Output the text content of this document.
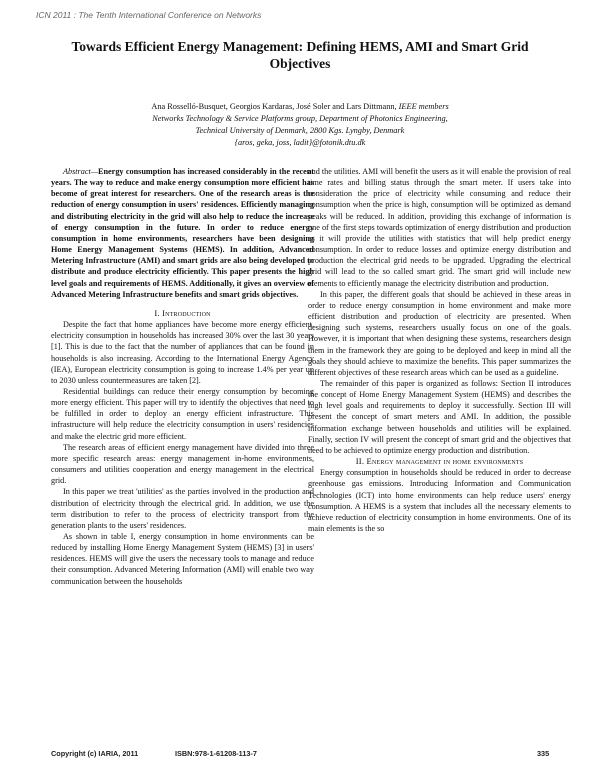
ICN 2011 : The Tenth International Conference on Networks
Towards Efficient Energy Management: Defining HEMS, AMI and Smart Grid Objectives
Ana Rosselló-Busquet, Georgios Kardaras, José Soler and Lars Dittmann, IEEE members
Networks Technology & Service Platforms group, Department of Photonics Engineering,
Technical University of Denmark, 2800 Kgs. Lyngby, Denmark
{aros, geka, joss, ladit}@fotonik.dtu.dk

Abstract—Energy consumption has increased considerably in the recent years. The way to reduce and make energy consumption more efficient has become of great interest for researchers. One of the research areas is the reduction of energy consumption in users' residences. Efficiently managing and distributing electricity in the grid will also help to reduce the increase of energy consumption in the future. In order to reduce energy consumption in home environments, researchers have been designing Home Energy Management Systems (HEMS). In addition, Advanced Metering Infrastructure (AMI) and smart grids are also being developed to distribute and produce electricity efficiently. This paper presents the high level goals and requirements of HEMS. Additionally, it gives an overview of Advanced Metering Infrastructure benefits and smart grids objectives.

I. Introduction

Despite the fact that home appliances have become more energy efficient, electricity consumption in households has increased 30% over the last 30 years [1]. This is due to the fact that the number of appliances that can be found in households is also increasing. According to the International Energy Agency (IEA), European electricity consumption is going to increase 1.4% per year up to 2030 unless countermeasures are taken [2].

Residential buildings can reduce their energy consumption by becoming more energy efficient. This paper will try to identify the objectives that need to be fulfilled in order to deploy an energy efficient infrastructure. This infrastructure will help reduce the electricity consumption in users' residencies and make the electric grid more efficient.

The research areas of efficient energy management have divided into three more specific research areas: energy management in-home environments, consumers and utilities cooperation and energy management in the electrical grid.

In this paper we treat 'utilities' as the parties involved in the production and distribution of electricity through the electrical grid. In addition, we use the term distribution to refer to the process of electricity transport from the generation plants to the users' residences.

As shown in table I, energy consumption in home environments can be reduced by installing Home Energy Management System (HEMS) [3] in users' residences. HEMS will give the users the necessary tools to manage and reduce their consumption. Advanced Metering Information (AMI) will enable two way communication between the households

and the utilities. AMI will benefit the users as it will enable the provision of real time rates and billing status through the smart meter. If users take into consideration the price of electricity while consuming and reduce their consumption when the price is high, consumption will be optimized as demand peaks will be reduced. In addition, providing this exchange of information is one of the first steps towards optimization of energy distribution and production as it will provide the utilities with statistics that will help predict energy consumption. In order to reduce losses and optimize energy distribution and production the electrical grid needs to be upgraded. Upgrading the electrical grid will lead to the so called smart grid. The smart grid will include new elements to efficiently manage the electricity distribution and production.

In this paper, the different goals that should be achieved in these areas in order to reduce energy consumption in home environment and make more efficient distribution and production of electricity are presented. When designing such systems, researchers usually focus on one of the goals. However, it is important that when designing these systems, researchers design them in the framework they are going to be deployed and keep in mind all the goals they should achieve to maximize the benefits. This paper summarizes the different objectives of these research areas which can be used as a guideline.

The remainder of this paper is organized as follows: Section II introduces the concept of Home Energy Management System (HEMS) and describes the high level goals and requirements to deploy it successfully. Section III will present the concept of smart meters and AMI. In addition, the possible information exchange between households and utilities will be explained. Finally, section IV will present the concept of smart grid and the objectives that need to be achieved to optimize energy production and distribution.

II. Energy management in home environments

Energy consumption in households should be reduced in order to decrease greenhouse gas emissions. Introducing Information and Communication Technologies (ICT) into home environments can help reduce users' energy consumption. A HEMS is a system that includes all the necessary elements to achieve reduction of electricity consumption in home environments. One of its main elements is the so

Copyright (c) IARIA, 2011	ISBN:978-1-61208-113-7	335
